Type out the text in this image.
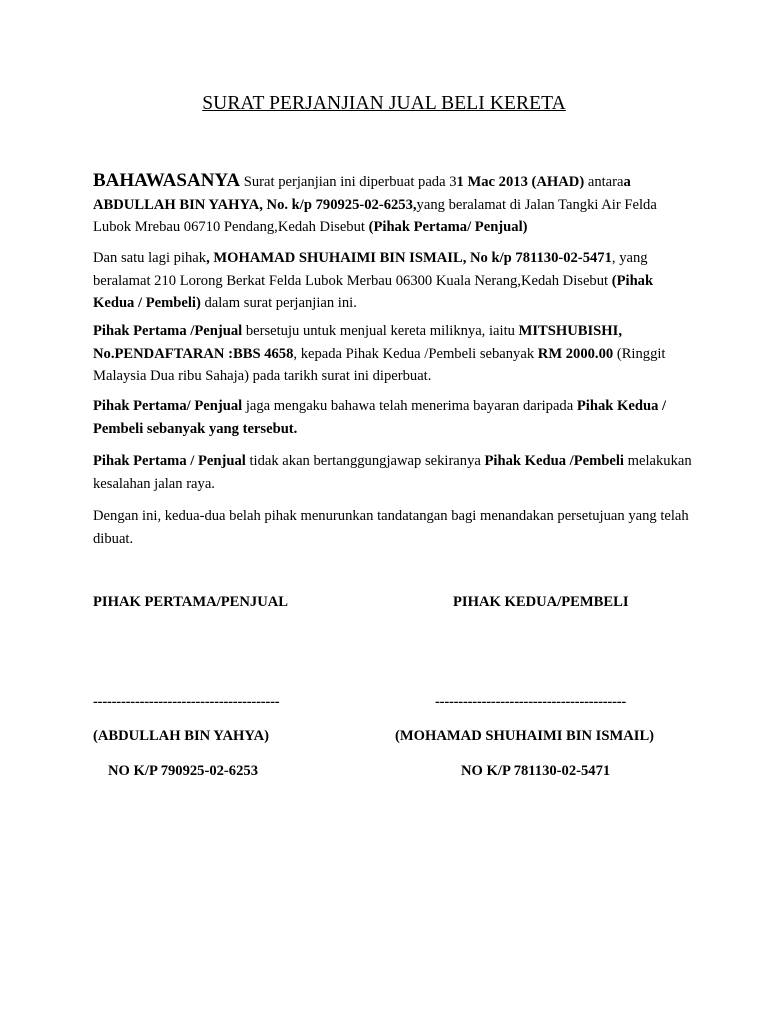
SURAT PERJANJIAN JUAL BELI KERETA

BAHAWASANYA Surat perjanjian ini diperbuat pada 31 Mac 2013 (AHAD) antaraa
ABDULLAH BIN YAHYA, No. k/p 790925-02-6253,yang beralamat di Jalan Tangki Air Felda Lubok Mrebau 06710 Pendang,Kedah Disebut (Pihak Pertama/ Penjual)

Dan satu lagi pihak, MOHAMAD SHUHAIMI BIN ISMAIL, No k/p 781130-02-5471, yang beralamat 210 Lorong Berkat Felda Lubok Merbau 06300 Kuala Nerang,Kedah Disebut (Pihak Kedua / Pembeli) dalam surat perjanjian ini.

Pihak Pertama /Penjual bersetuju untuk menjual kereta miliknya, iaitu MITSHUBISHI, No.PENDAFTARAN :BBS 4658, kepada Pihak Kedua /Pembeli sebanyak RM 2000.00 (Ringgit Malaysia Dua ribu Sahaja) pada tarikh surat ini diperbuat.

Pihak Pertama/ Penjual jaga mengaku bahawa telah menerima bayaran daripada Pihak Kedua / Pembeli sebanyak yang tersebut.

Pihak Pertama / Penjual tidak akan bertanggungjawap sekiranya Pihak Kedua /Pembeli melakukan kesalahan jalan raya.

Dengan ini, kedua-dua belah pihak menurunkan tandatangan bagi menandakan persetujuan yang telah dibuat.

PIHAK PERTAMA/PENJUAL
----------------------------------------
(ABDULLAH BIN YAHYA)
NO K/P 790925-02-6253
PIHAK KEDUA/PEMBELI
-----------------------------------------
(MOHAMAD SHUHAIMI BIN ISMAIL)
NO K/P 781130-02-5471
